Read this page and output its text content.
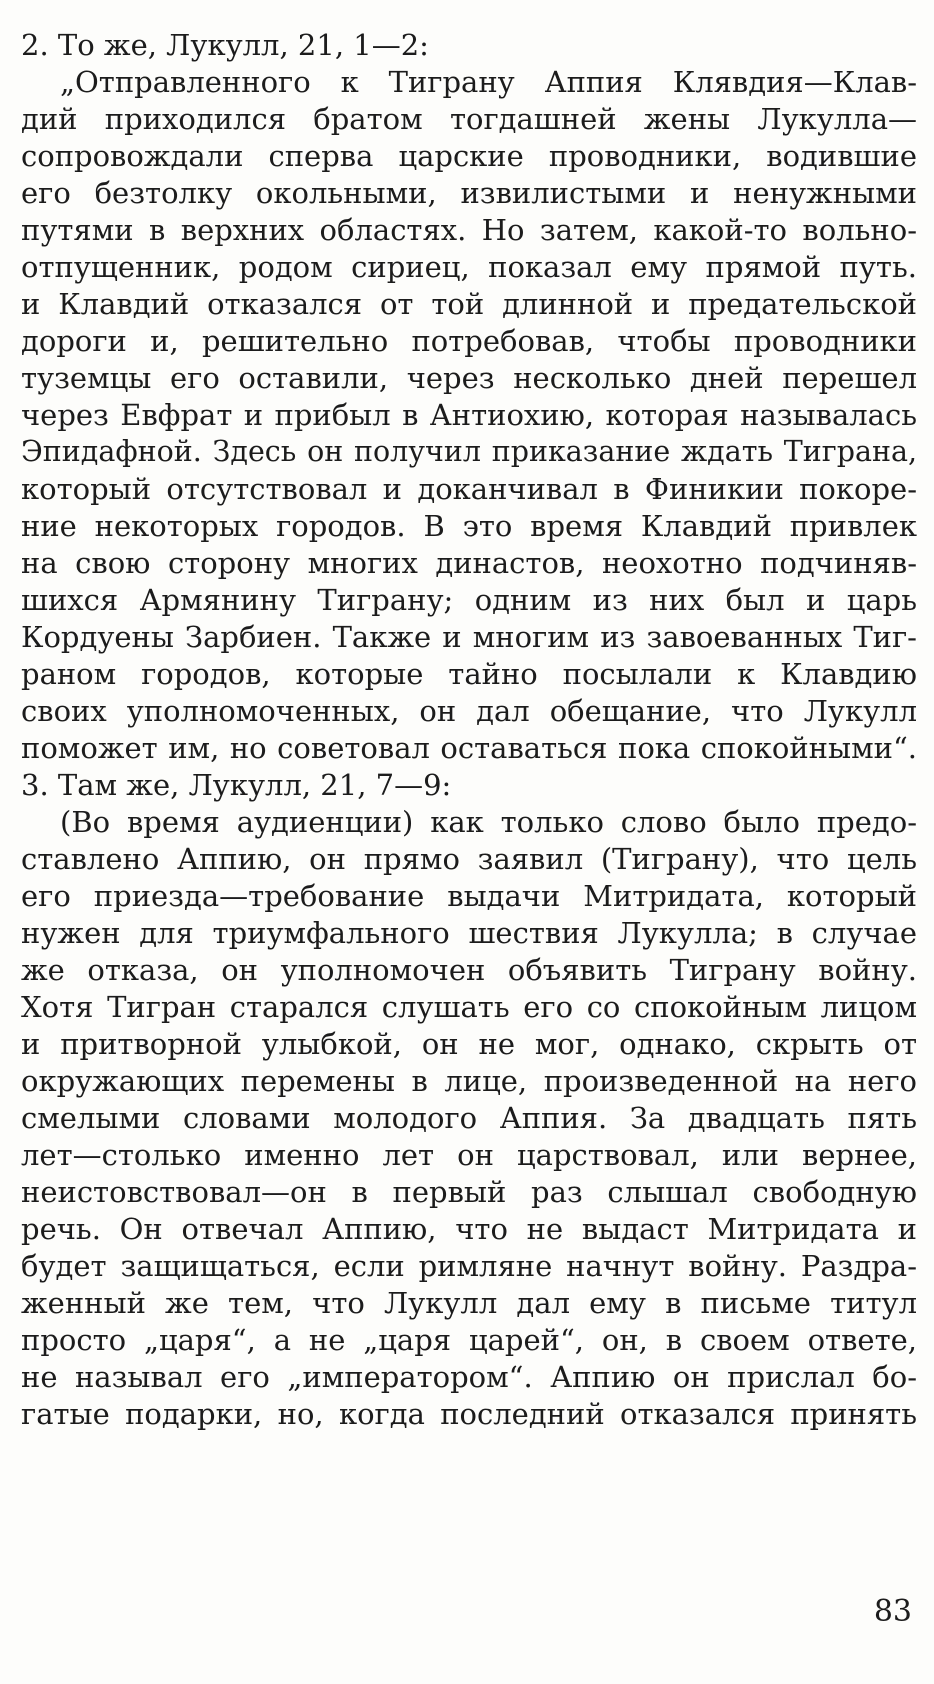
2. То же, Лукулл, 21, 1—2:
„Отправленного к Тиграну Аппия Клявдия—Клав-
дий приходился братом тогдашней жены Лукулла—
сопровождали сперва царские проводники, водившие
его безтолку окольными, извилистыми и ненужными
путями в верхних областях. Но затем, какой-то вольно-
отпущенник, родом сириец, показал ему прямой путь.
и Клавдий отказался от той длинной и предательской
дороги и, решительно потребовав, чтобы проводники
туземцы его оставили, через несколько дней перешел
через Евфрат и прибыл в Антиохию, которая называлась
Эпидафной. Здесь он получил приказание ждать Тиграна,
который отсутствовал и доканчивал в Финикии покоре-
ние некоторых городов. В это время Клавдий привлек
на свою сторону многих династов, неохотно подчиняв-
шихся Армянину Тиграну; одним из них был и царь
Кордуены Зарбиен. Также и многим из завоеванных Тиг-
раном городов, которые тайно посылали к Клавдию
своих уполномоченных, он дал обещание, что Лукулл
поможет им, но советовал оставаться пока спокойными“.
3. Там же, Лукулл, 21, 7—9:
(Во время аудиенции) как только слово было предо-
ставлено Аппию, он прямо заявил (Тиграну), что цель
его приезда—требование выдачи Митридата, который
нужен для триумфального шествия Лукулла; в случае
же отказа, он уполномочен объявить Тиграну войну.
Хотя Тигран старался слушать его со спокойным лицом
и притворной улыбкой, он не мог, однако, скрыть от
окружающих перемены в лице, произведенной на него
смелыми словами молодого Аппия. За двадцать пять
лет—столько именно лет он царствовал, или вернее,
неистовствовал—он в первый раз слышал свободную
речь. Он отвечал Аппию, что не выдаст Митридата и
будет защищаться, если римляне начнут войну. Раздра-
женный же тем, что Лукулл дал ему в письме титул
просто „царя“, а не „царя царей“, он, в своем ответе,
не называл его „императором“. Аппию он прислал бо-
гатые подарки, но, когда последний отказался принять
83
